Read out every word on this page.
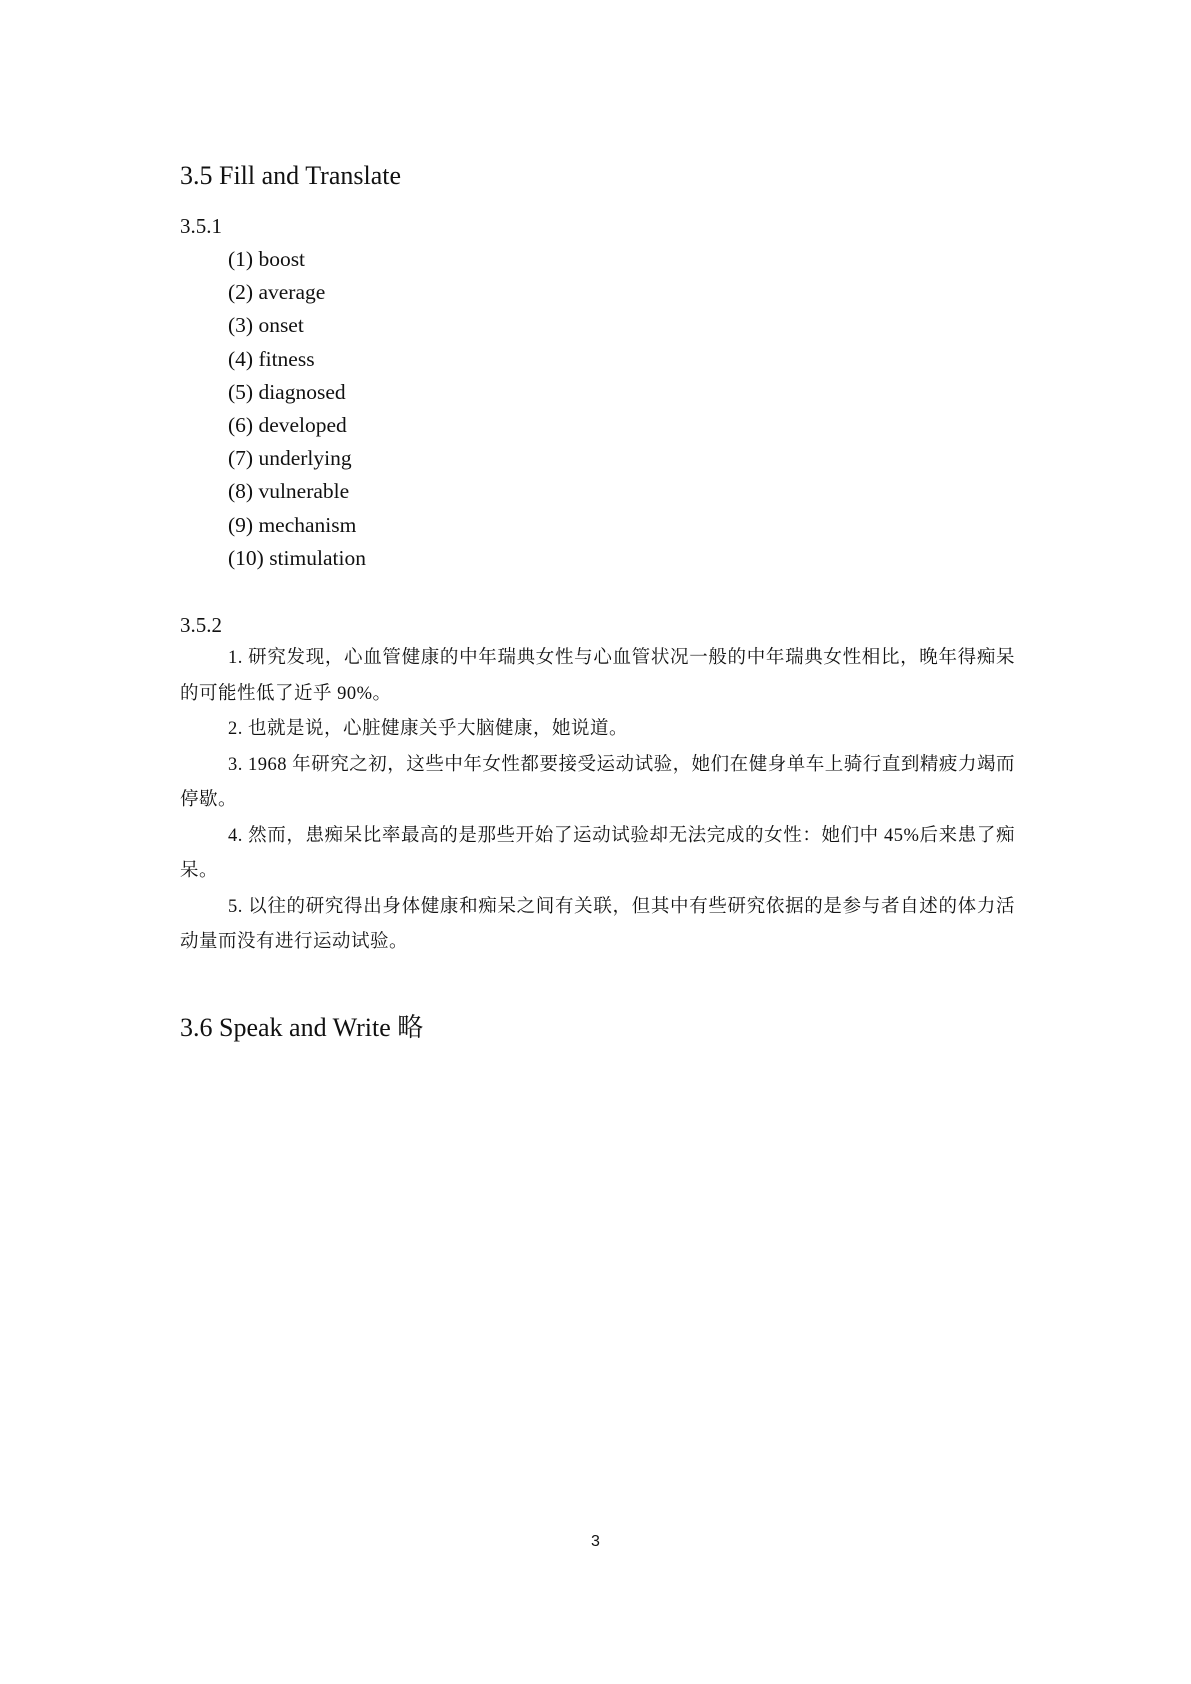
3.5 Fill and Translate
3.5.1
(1) boost
(2) average
(3) onset
(4) fitness
(5) diagnosed
(6) developed
(7) underlying
(8) vulnerable
(9) mechanism
(10) stimulation
3.5.2

1. 研究发现，心血管健康的中年瑞典女性与心血管状况一般的中年瑞典女性相比，晚年得痴呆的可能性低了近乎 90%。

2. 也就是说，心脏健康关乎大脑健康，她说道。

3. 1968 年研究之初，这些中年女性都要接受运动试验，她们在健身单车上骑行直到精疲力竭而停歇。

4. 然而，患痴呆比率最高的是那些开始了运动试验却无法完成的女性：她们中 45%后来患了痴呆。

5. 以往的研究得出身体健康和痴呆之间有关联，但其中有些研究依据的是参与者自述的体力活动量而没有进行运动试验。

3.6 Speak and Write 略
3
